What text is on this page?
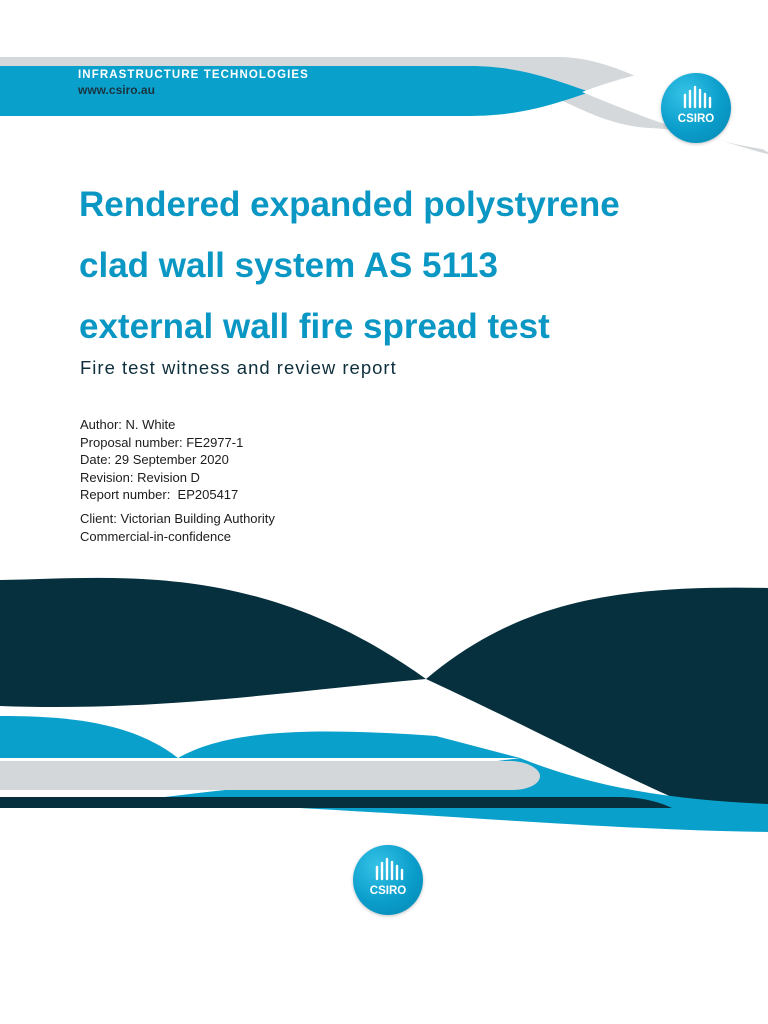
INFRASTRUCTURE TECHNOLOGIES
www.csiro.au
CSIRO
Rendered expanded polystyrene
clad wall system AS 5113
external wall fire spread test

Fire test witness and review report

Author: N. White
Proposal number: FE2977-1
Date: 29 September 2020
Revision: Revision D
Report number:  EP205417
Client: Victorian Building Authority
Commercial-in-confidence
CSIRO
